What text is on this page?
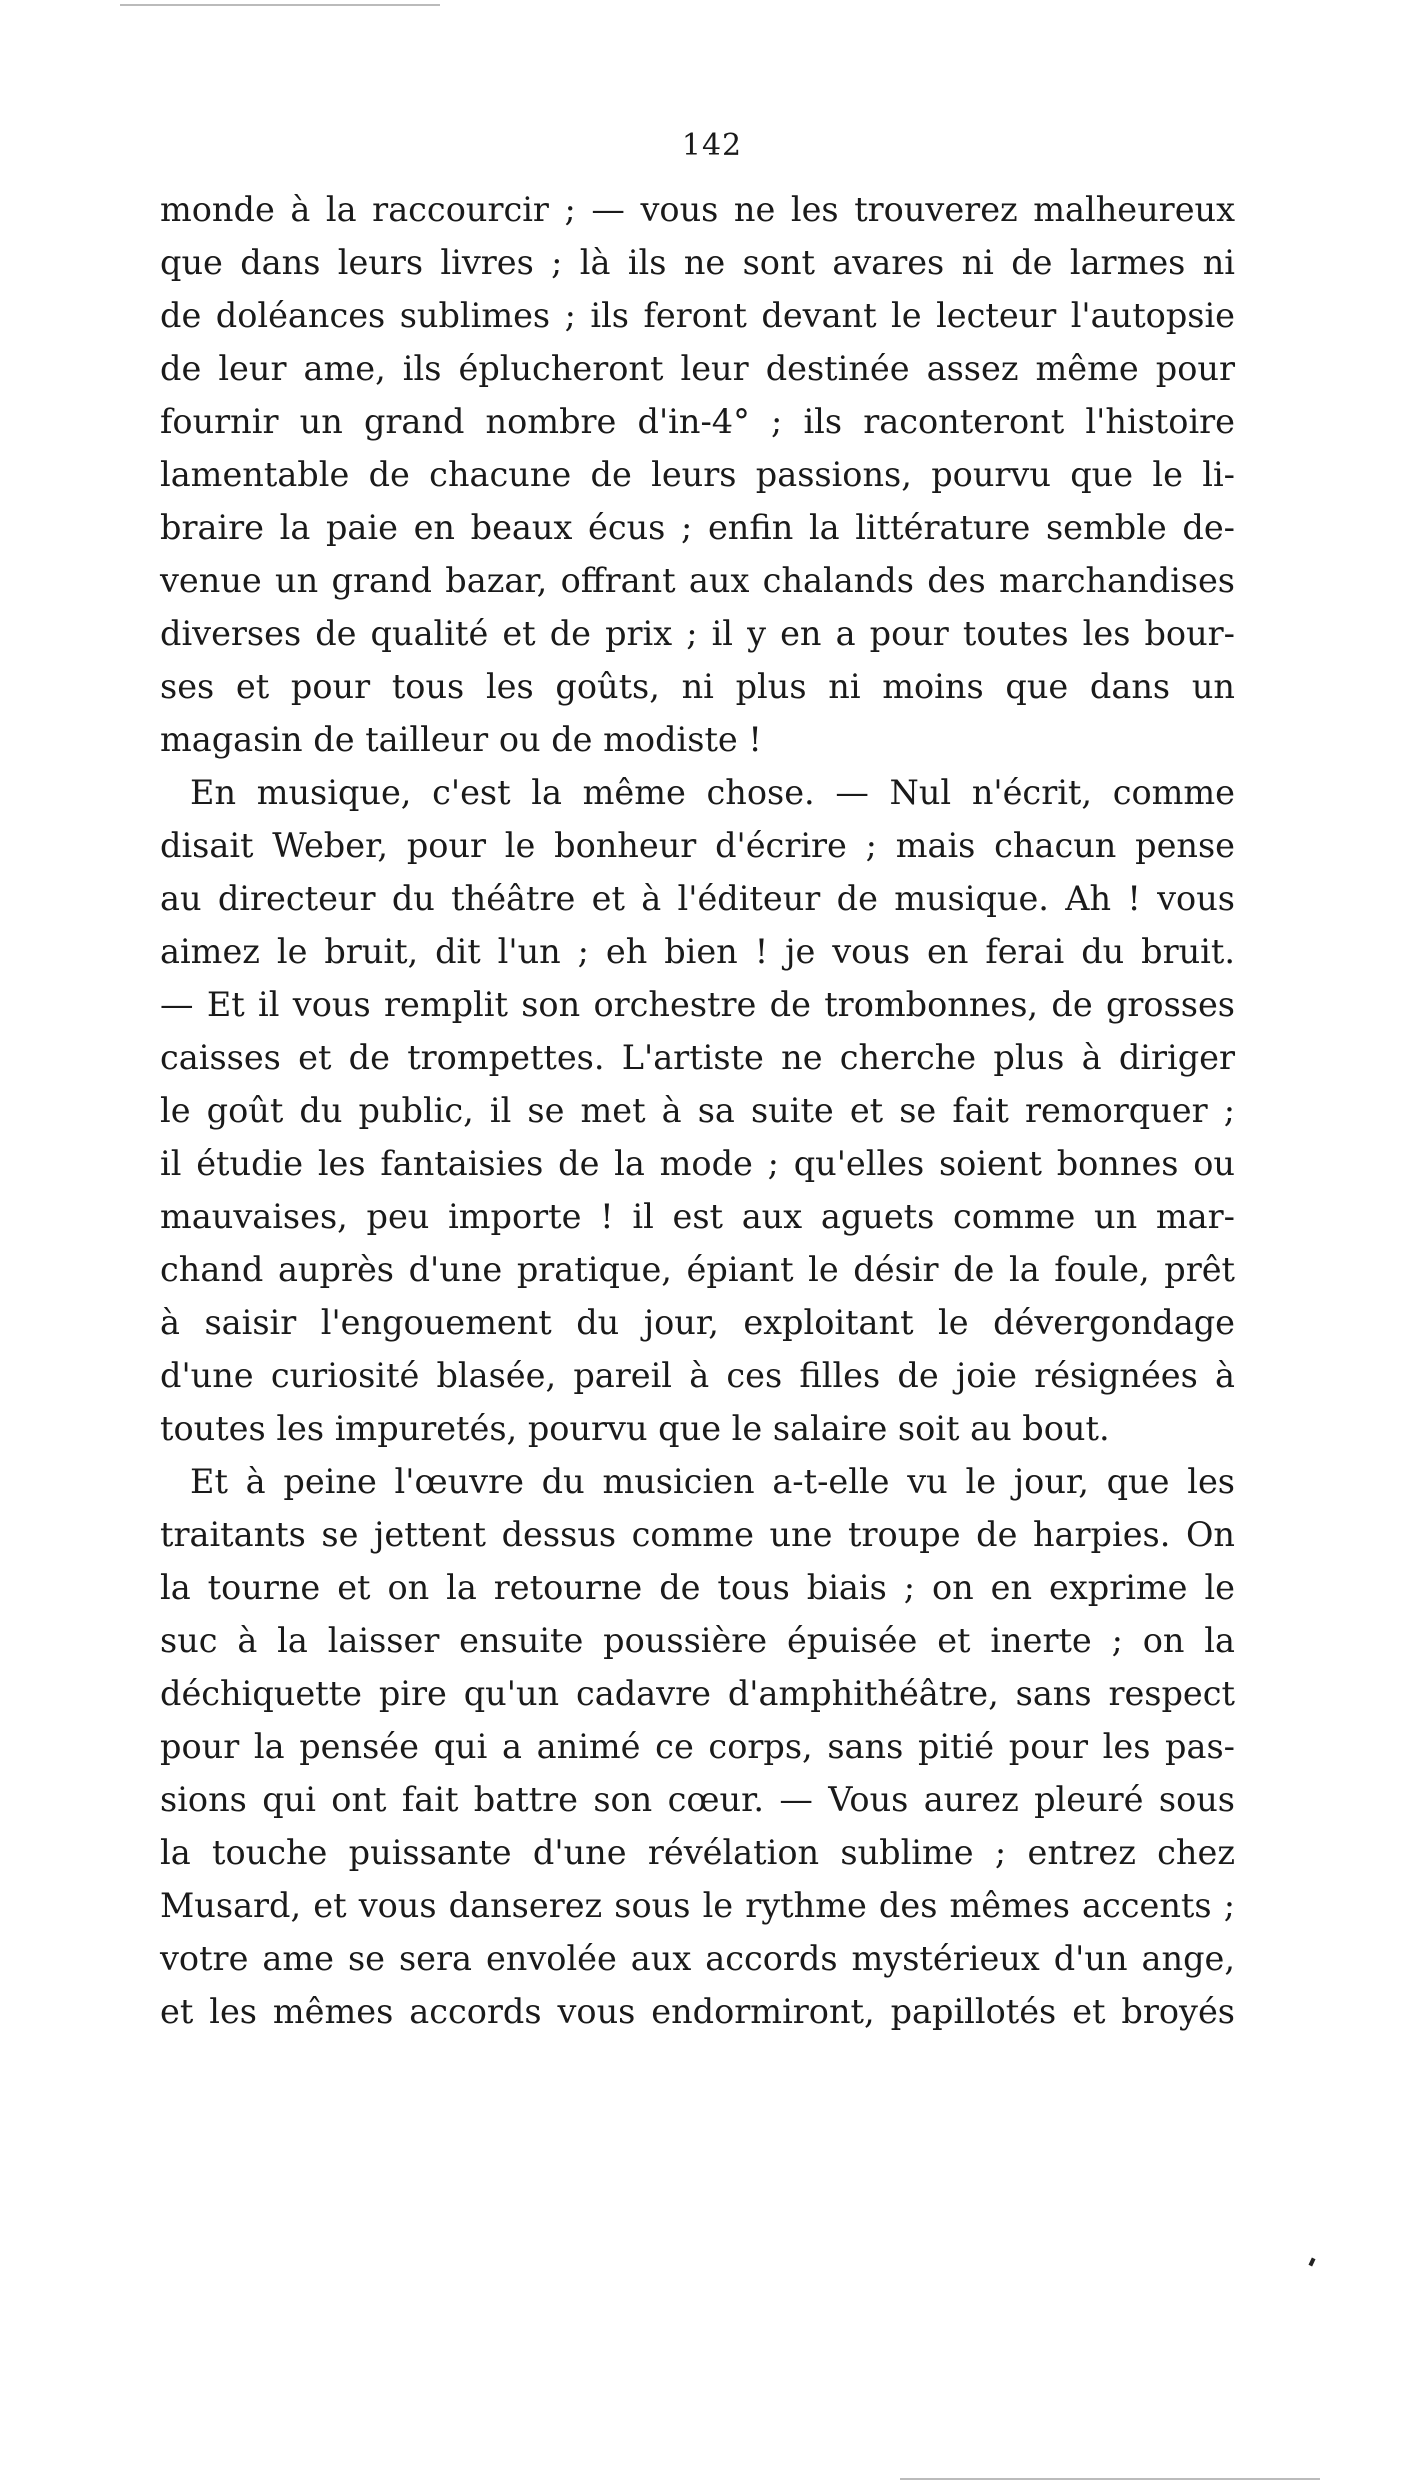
142
monde à la raccourcir ; — vous ne les trouverez malheureux
que dans leurs livres ; là ils ne sont avares ni de larmes ni
de doléances sublimes ; ils feront devant le lecteur l'autopsie
de leur ame, ils éplucheront leur destinée assez même pour
fournir un grand nombre d'in-4° ; ils raconteront l'histoire
lamentable de chacune de leurs passions, pourvu que le li-
braire la paie en beaux écus ; enfin la littérature semble de-
venue un grand bazar, offrant aux chalands des marchandises
diverses de qualité et de prix ; il y en a pour toutes les bour-
ses et pour tous les goûts, ni plus ni moins que dans un
magasin de tailleur ou de modiste !
En musique, c'est la même chose. — Nul n'écrit, comme
disait Weber, pour le bonheur d'écrire ; mais chacun pense
au directeur du théâtre et à l'éditeur de musique. Ah ! vous
aimez le bruit, dit l'un ; eh bien ! je vous en ferai du bruit.
— Et il vous remplit son orchestre de trombonnes, de grosses
caisses et de trompettes. L'artiste ne cherche plus à diriger
le goût du public, il se met à sa suite et se fait remorquer ;
il étudie les fantaisies de la mode ; qu'elles soient bonnes ou
mauvaises, peu importe ! il est aux aguets comme un mar-
chand auprès d'une pratique, épiant le désir de la foule, prêt
à saisir l'engouement du jour, exploitant le dévergondage
d'une curiosité blasée, pareil à ces filles de joie résignées à
toutes les impuretés, pourvu que le salaire soit au bout.
Et à peine l'œuvre du musicien a-t-elle vu le jour, que les
traitants se jettent dessus comme une troupe de harpies. On
la tourne et on la retourne de tous biais ; on en exprime le
suc à la laisser ensuite poussière épuisée et inerte ; on la
déchiquette pire qu'un cadavre d'amphithéâtre, sans respect
pour la pensée qui a animé ce corps, sans pitié pour les pas-
sions qui ont fait battre son cœur. — Vous aurez pleuré sous
la touche puissante d'une révélation sublime ; entrez chez
Musard, et vous danserez sous le rythme des mêmes accents ;
votre ame se sera envolée aux accords mystérieux d'un ange,
et les mêmes accords vous endormiront, papillotés et broyés
